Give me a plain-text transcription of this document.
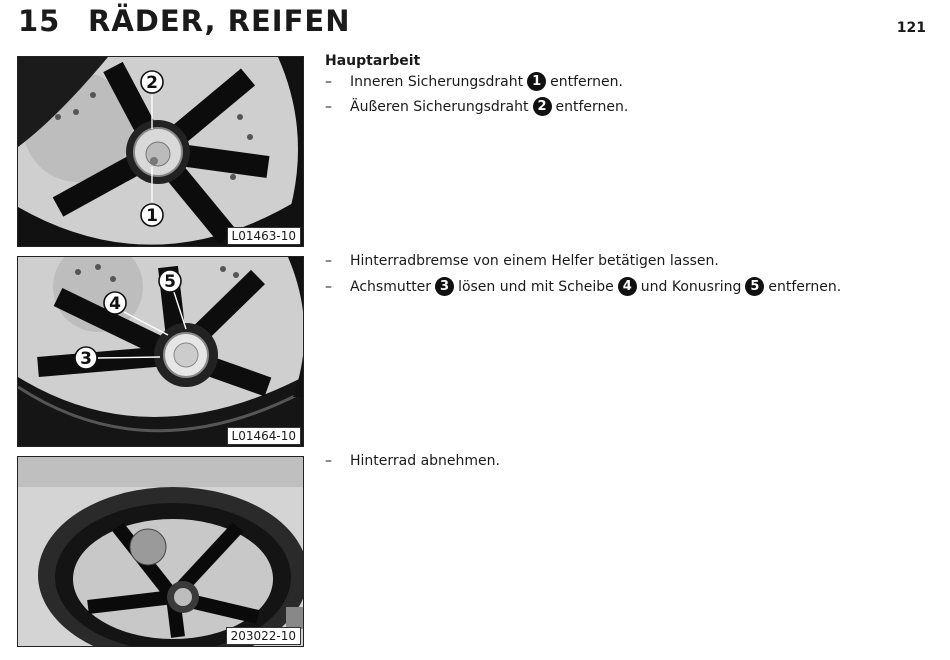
15 RÄDER, REIFEN	121
2
1
L01463-10
5
4
3
L01464-10
203022-10
Hauptarbeit
–	Inneren Sicherungsdraht 1 entfernen.
–	Äußeren Sicherungsdraht 2 entfernen.
–	Hinterradbremse von einem Helfer betätigen lassen.
–	Achsmutter 3 lösen und mit Scheibe 4 und Konusring 5 entfernen.
–	Hinterrad abnehmen.
